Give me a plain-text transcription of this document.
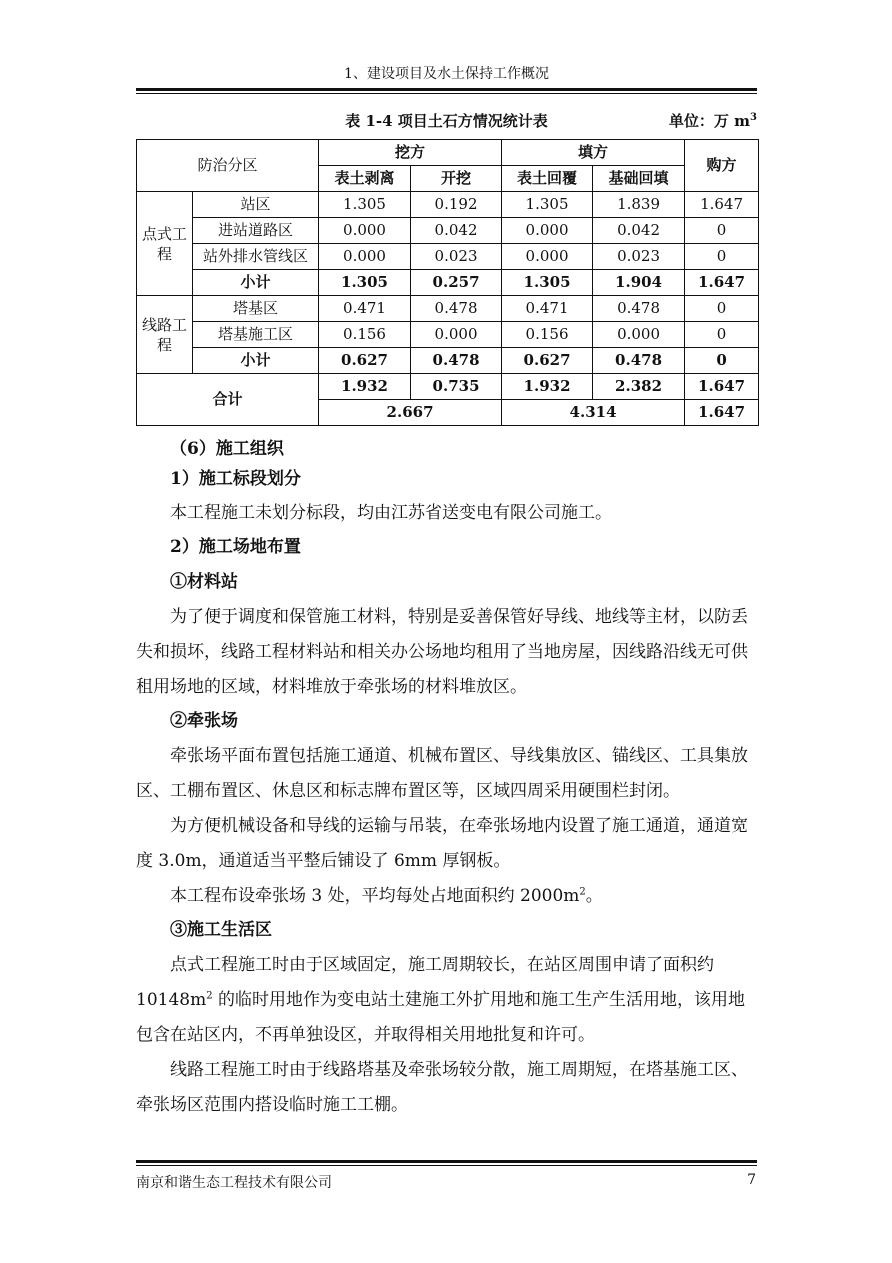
1、建设项目及水土保持工作概况
表 1-4 项目土石方情况统计表	单位：万 $m^3$
防治分区		挖方		填方		购方
		表土剥离	开挖	表土回覆	基础回填	
点式工程	站区	1.305	0.192	1.305	1.839	1.647
	进站道路区	0.000	0.042	0.000	0.042	0
	站外排水管线区	0.000	0.023	0.000	0.023	0
	小计	1.305	0.257	1.305	1.904	1.647
线路工程	塔基区	0.471	0.478	0.471	0.478	0
	塔基施工区	0.156	0.000	0.156	0.000	0
	小计	0.627	0.478	0.627	0.478	0
合计		1.932	0.735	1.932	2.382	1.647
		2.667		4.314		1.647
（6）施工组织
1）施工标段划分
本工程施工未划分标段，均由江苏省送变电有限公司施工。
2）施工场地布置
①材料站
为了便于调度和保管施工材料，特别是妥善保管好导线、地线等主材，以防丢失和损坏，线路工程材料站和相关办公场地均租用了当地房屋，因线路沿线无可供租用场地的区域，材料堆放于牵张场的材料堆放区。
②牵张场
牵张场平面布置包括施工通道、机械布置区、导线集放区、锚线区、工具集放区、工棚布置区、休息区和标志牌布置区等，区域四周采用硬围栏封闭。
为方便机械设备和导线的运输与吊装，在牵张场地内设置了施工通道，通道宽度 3.0m，通道适当平整后铺设了 6mm 厚钢板。
本工程布设牵张场 3 处，平均每处占地面积约 $2000m^2$。
③施工生活区
点式工程施工时由于区域固定，施工周期较长，在站区周围申请了面积约 $10148m^2$ 的临时用地作为变电站土建施工外扩用地和施工生产生活用地，该用地包含在站区内，不再单独设区，并取得相关用地批复和许可。
线路工程施工时由于线路塔基及牵张场较分散，施工周期短，在塔基施工区、牵张场区范围内搭设临时施工工棚。
南京和谐生态工程技术有限公司	7
